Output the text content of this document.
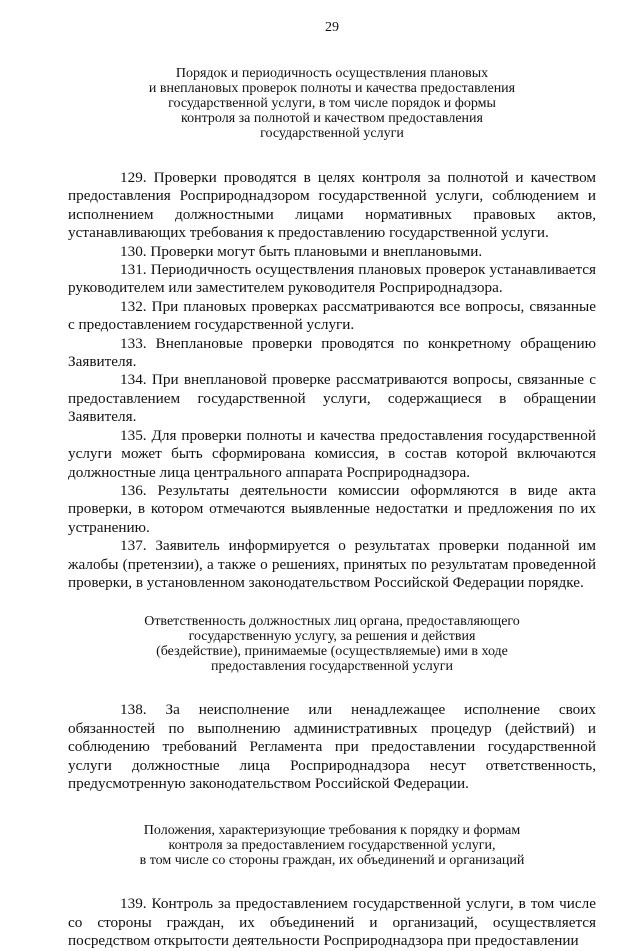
29
Порядок и периодичность осуществления плановых
и внеплановых проверок полноты и качества предоставления
государственной услуги, в том числе порядок и формы
контроля за полнотой и качеством предоставления
государственной услуги

129. Проверки проводятся в целях контроля за полнотой и качеством предоставления Росприроднадзором государственной услуги, соблюдением и исполнением должностными лицами нормативных правовых актов, устанавливающих требования к предоставлению государственной услуги.

130. Проверки могут быть плановыми и внеплановыми.

131. Периодичность осуществления плановых проверок устанавливается руководителем или заместителем руководителя Росприроднадзора.

132. При плановых проверках рассматриваются все вопросы, связанные с предоставлением государственной услуги.

133. Внеплановые проверки проводятся по конкретному обращению Заявителя.

134. При внеплановой проверке рассматриваются вопросы, связанные с предоставлением государственной услуги, содержащиеся в обращении Заявителя.

135. Для проверки полноты и качества предоставления государственной услуги может быть сформирована комиссия, в состав которой включаются должностные лица центрального аппарата Росприроднадзора.

136. Результаты деятельности комиссии оформляются в виде акта проверки, в котором отмечаются выявленные недостатки и предложения по их устранению.

137. Заявитель информируется о результатах проверки поданной им жалобы (претензии), а также о решениях, принятых по результатам проведенной проверки, в установленном законодательством Российской Федерации порядке.

Ответственность должностных лиц органа, предоставляющего
государственную услугу, за решения и действия
(бездействие), принимаемые (осуществляемые) ими в ходе
предоставления государственной услуги

138. За неисполнение или ненадлежащее исполнение своих обязанностей по выполнению административных процедур (действий) и соблюдению требований Регламента при предоставлении государственной услуги должностные лица Росприроднадзора несут ответственность, предусмотренную законодательством Российской Федерации.

Положения, характеризующие требования к порядку и формам
контроля за предоставлением государственной услуги,
в том числе со стороны граждан, их объединений и организаций

139. Контроль за предоставлением государственной услуги, в том числе со стороны граждан, их объединений и организаций, осуществляется посредством открытости деятельности Росприроднадзора при предоставлении
